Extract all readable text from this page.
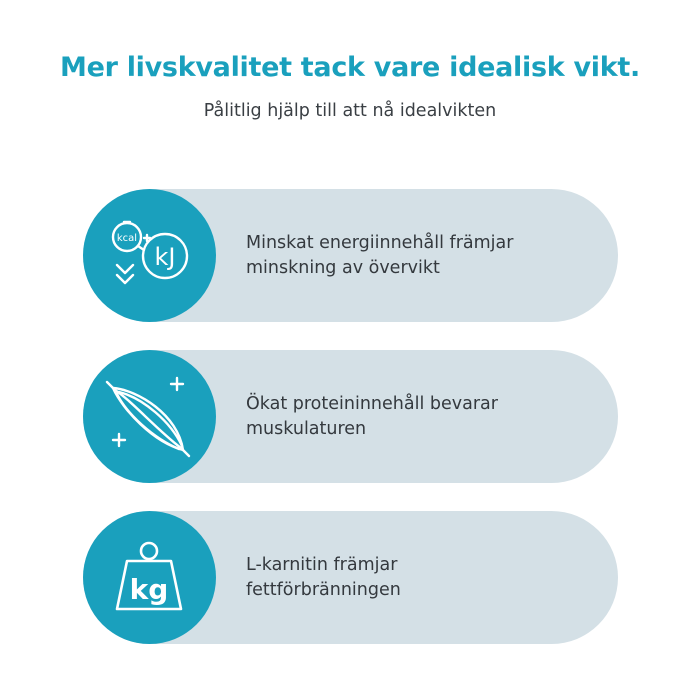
Mer livskvalitet tack vare idealisk vikt.
Pålitlig hjälp till att nå idealvikten
kcal
kJ
Minskat energiinnehåll främjar
minskning av övervikt
Ökat proteininnehåll bevarar
muskulaturen
kg
L-karnitin främjar
fettförbränningen
